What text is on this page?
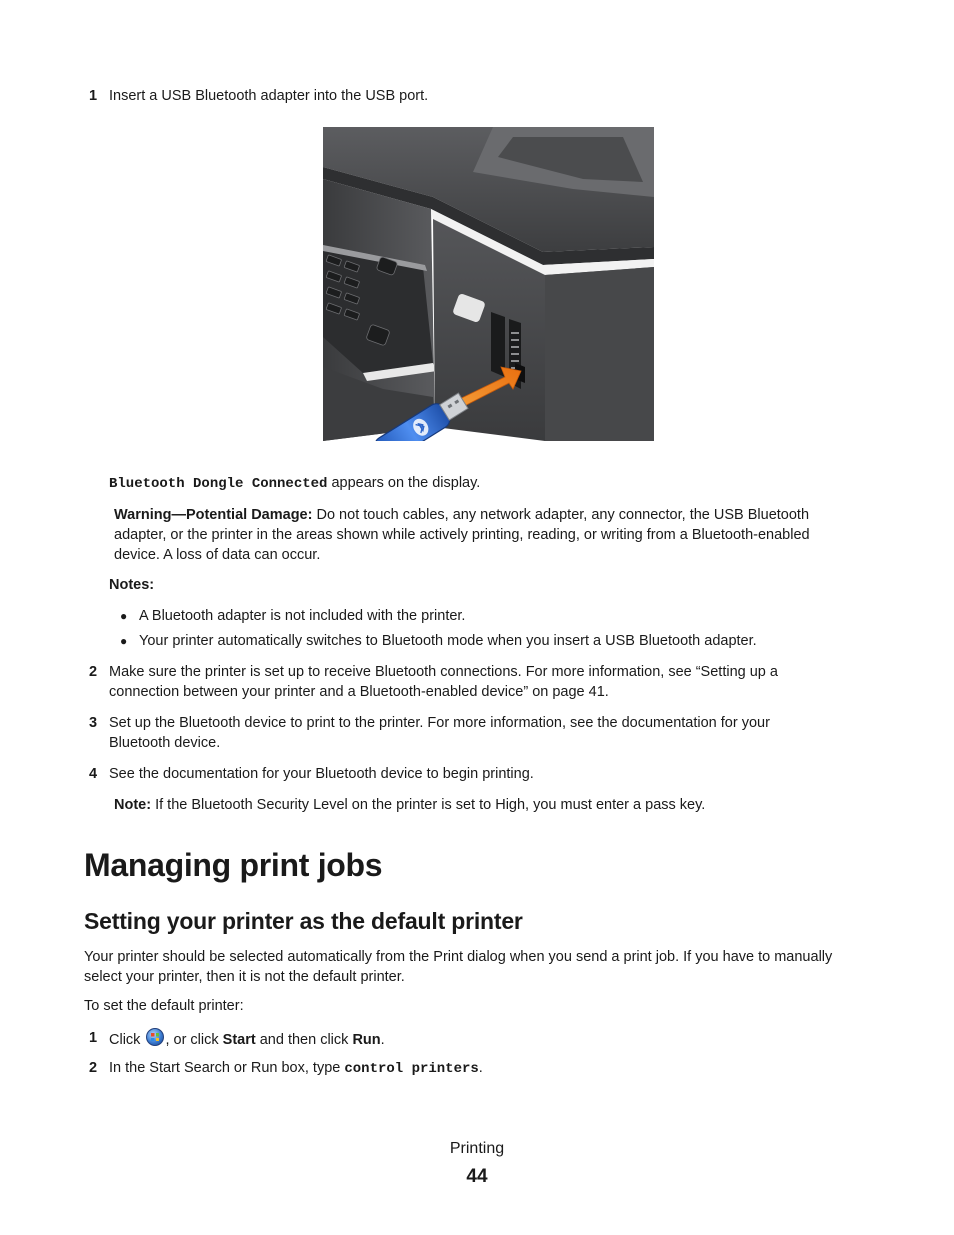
1 Insert a USB Bluetooth adapter into the USB port.
Bluetooth Dongle Connected appears on the display.
Warning—Potential Damage: Do not touch cables, any network adapter, any connector, the USB Bluetooth
adapter, or the printer in the areas shown while actively printing, reading, or writing from a Bluetooth-enabled
device. A loss of data can occur.
Notes:
● A Bluetooth adapter is not included with the printer.
● Your printer automatically switches to Bluetooth mode when you insert a USB Bluetooth adapter.
2 Make sure the printer is set up to receive Bluetooth connections. For more information, see “Setting up a
connection between your printer and a Bluetooth-enabled device” on page 41.
3 Set up the Bluetooth device to print to the printer. For more information, see the documentation for your
Bluetooth device.
4 See the documentation for your Bluetooth device to begin printing.
Note: If the Bluetooth Security Level on the printer is set to High, you must enter a pass key.
Managing print jobs
Setting your printer as the default printer
Your printer should be selected automatically from the Print dialog when you send a print job. If you have to manually
select your printer, then it is not the default printer.
To set the default printer:
1 Click , or click Start and then click Run.
2 In the Start Search or Run box, type control printers.
Printing
44
